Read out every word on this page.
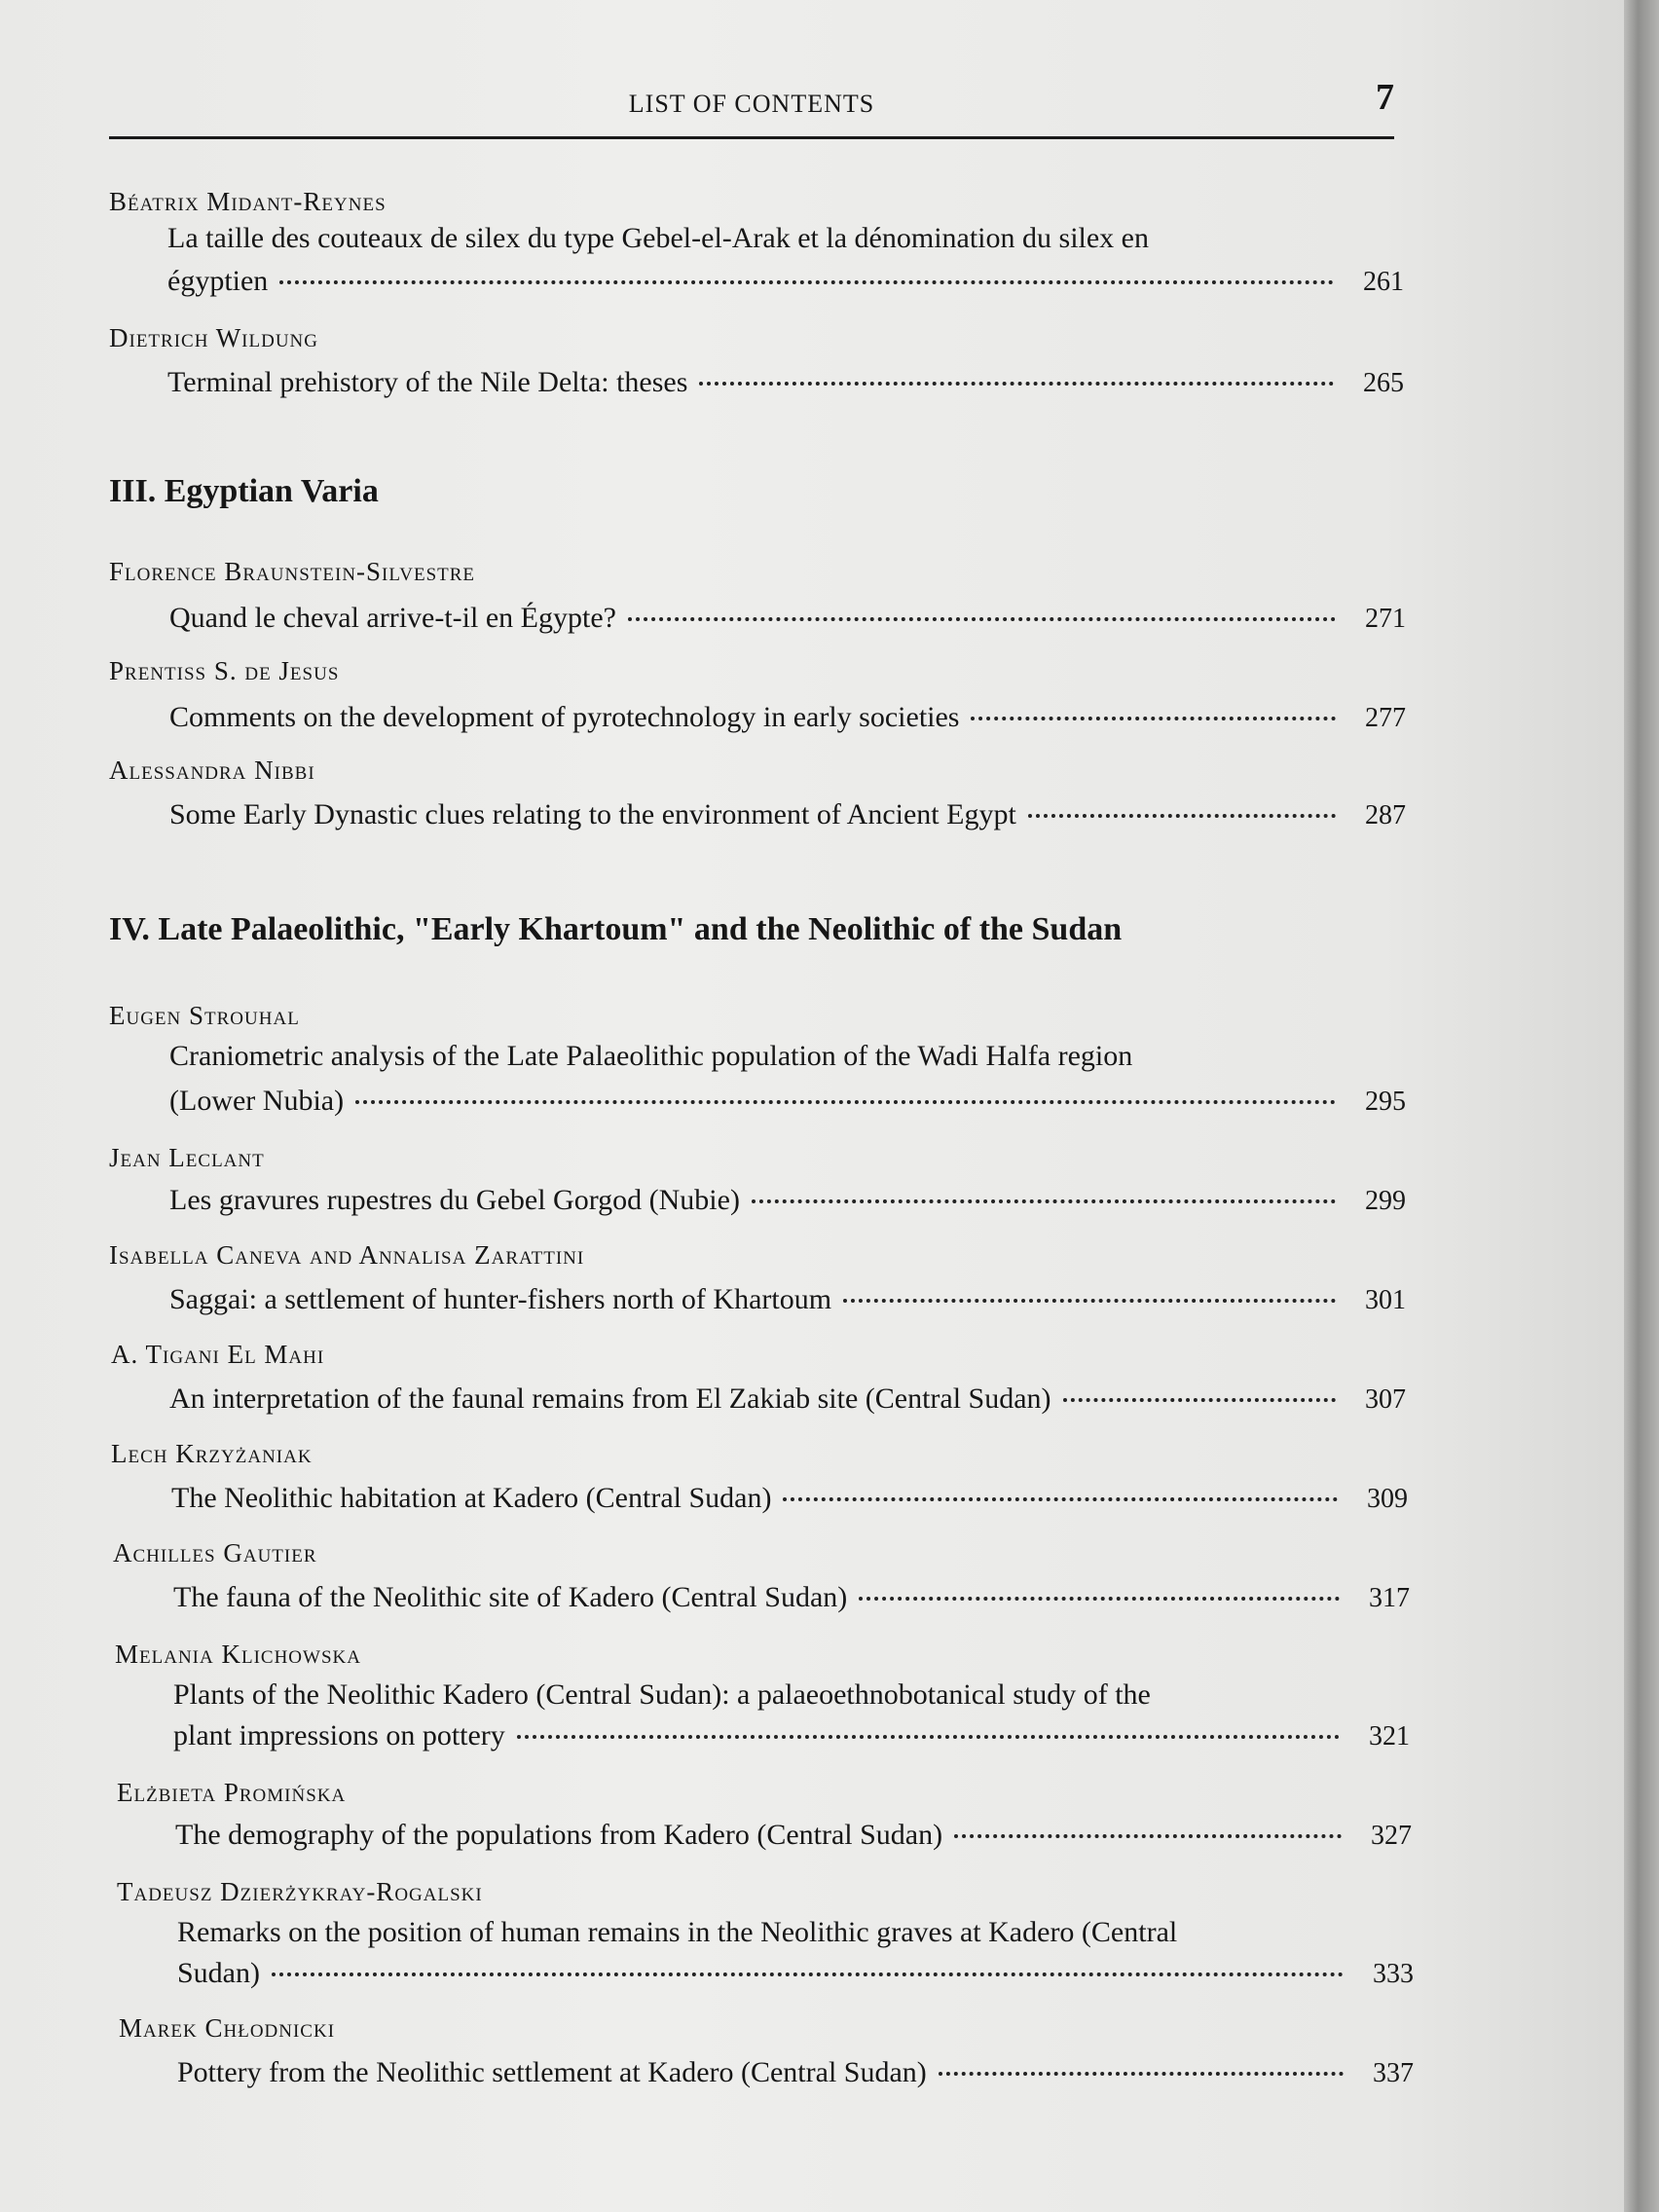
LIST OF CONTENTS	7
Béatrix Midant-Reynes
La taille des couteaux de silex du type Gebel-el-Arak et la dénomination du silex en
égyptien	261
Dietrich Wildung
Terminal prehistory of the Nile Delta: theses	265
III. Egyptian Varia
Florence Braunstein-Silvestre
Quand le cheval arrive-t-il en Égypte?	271
Prentiss S. de Jesus
Comments on the development of pyrotechnology in early societies	277
Alessandra Nibbi
Some Early Dynastic clues relating to the environment of Ancient Egypt	287
IV. Late Palaeolithic, "Early Khartoum" and the Neolithic of the Sudan
Eugen Strouhal
Craniometric analysis of the Late Palaeolithic population of the Wadi Halfa region
(Lower Nubia)	295
Jean Leclant
Les gravures rupestres du Gebel Gorgod (Nubie)	299
Isabella Caneva and Annalisa Zarattini
Saggai: a settlement of hunter-fishers north of Khartoum	301
A. Tigani El Mahi
An interpretation of the faunal remains from El Zakiab site (Central Sudan)	307
Lech Krzyżaniak
The Neolithic habitation at Kadero (Central Sudan)	309
Achilles Gautier
The fauna of the Neolithic site of Kadero (Central Sudan)	317
Melania Klichowska
Plants of the Neolithic Kadero (Central Sudan): a palaeoethnobotanical study of the
plant impressions on pottery	321
Elżbieta Promińska
The demography of the populations from Kadero (Central Sudan)	327
Tadeusz Dzierżykray-Rogalski
Remarks on the position of human remains in the Neolithic graves at Kadero (Central
Sudan)	333
Marek Chłodnicki
Pottery from the Neolithic settlement at Kadero (Central Sudan)	337
